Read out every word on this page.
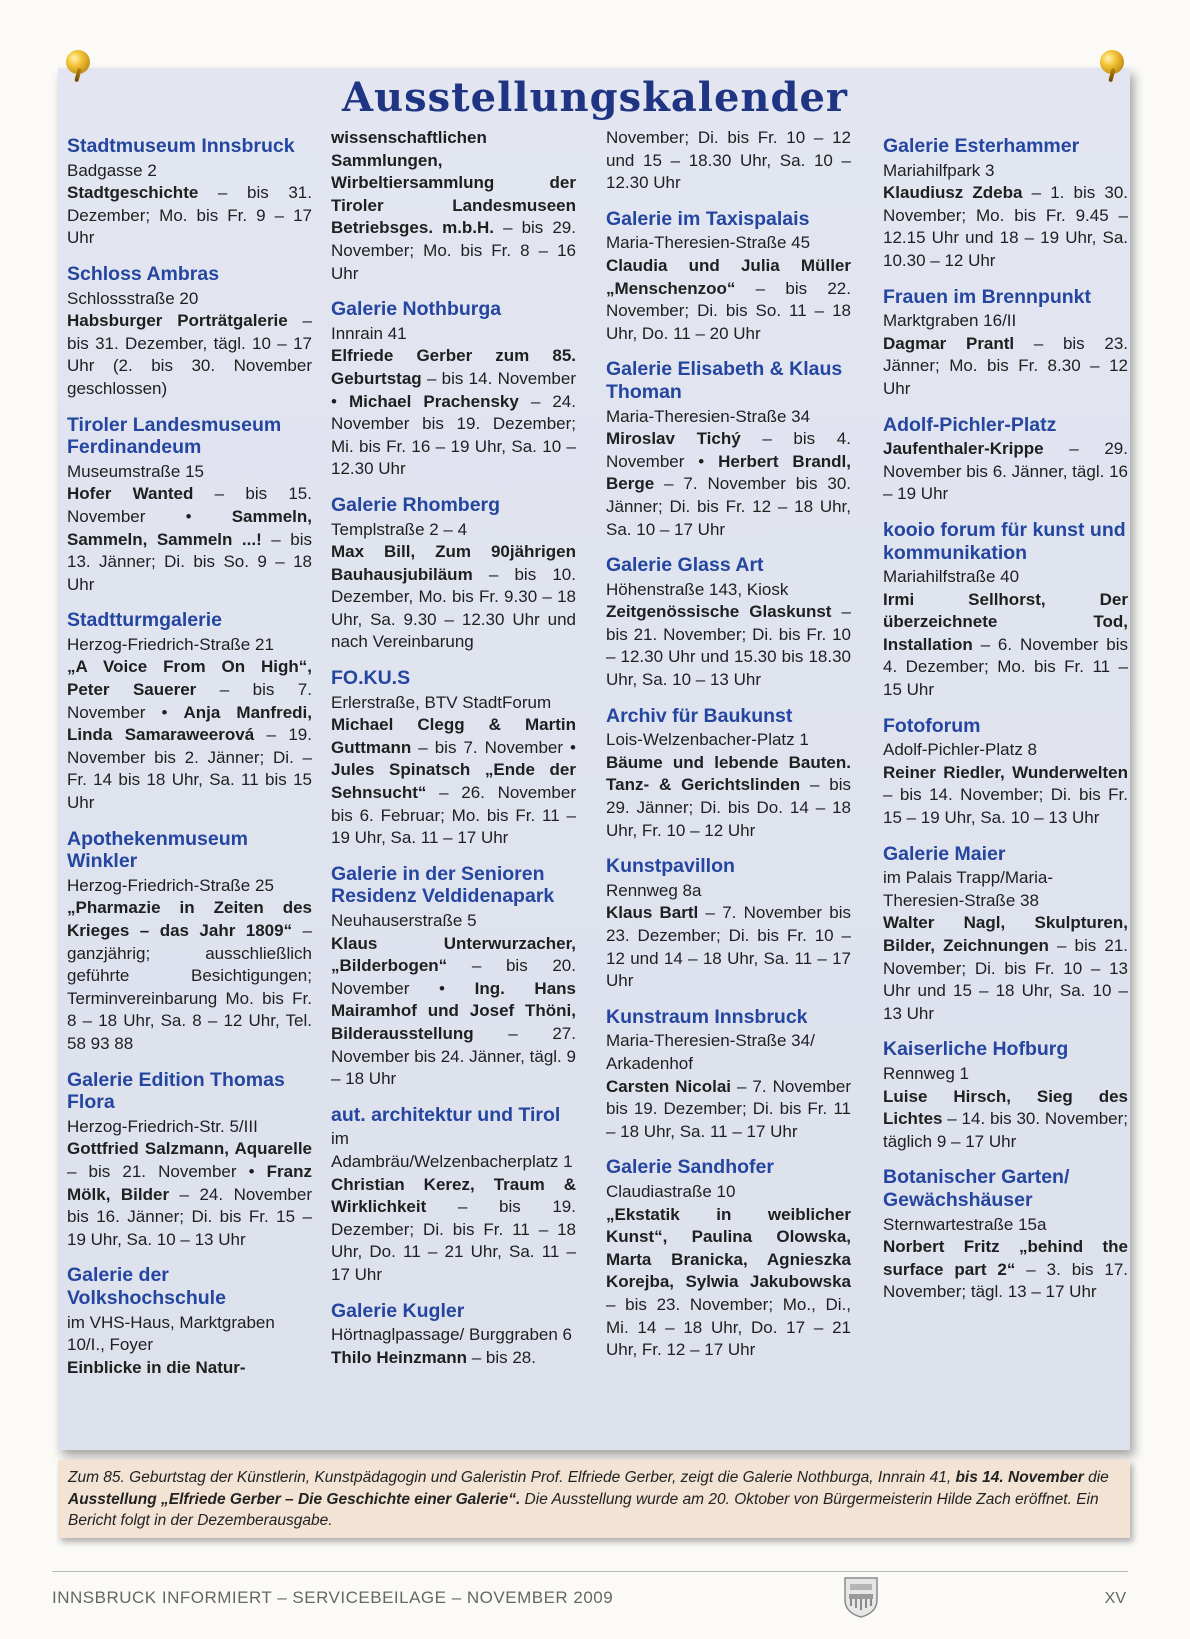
Ausstellungskalender
Stadtmuseum Innsbruck
Badgasse 2

Stadtgeschichte – bis 31. Dezember; Mo. bis Fr. 9 – 17 Uhr

Schloss Ambras
Schlossstraße 20

Habsburger Porträtgalerie – bis 31. Dezember, tägl. 10 – 17 Uhr (2. bis 30. November geschlossen)

Tiroler Landesmuseum Ferdinandeum
Museumstraße 15

Hofer Wanted – bis 15. November • Sammeln, Sammeln, Sammeln ...! – bis 13. Jänner; Di. bis So. 9 – 18 Uhr

Stadtturmgalerie
Herzog-Friedrich-Straße 21

„A Voice From On High“, Peter Sauerer – bis 7. November • Anja Manfredi, Linda Samaraweerová – 19. November bis 2. Jänner; Di. – Fr. 14 bis 18 Uhr, Sa. 11 bis 15 Uhr

Apothekenmuseum Winkler
Herzog-Friedrich-Straße 25

„Pharmazie in Zeiten des Krieges – das Jahr 1809“ – ganzjährig; ausschließlich geführte Besichtigungen; Terminvereinbarung Mo. bis Fr. 8 – 18 Uhr, Sa. 8 – 12 Uhr, Tel. 58 93 88

Galerie Edition Thomas Flora
Herzog-Friedrich-Str. 5/III

Gottfried Salzmann, Aquarelle – bis 21. November • Franz Mölk, Bilder – 24. November bis 16. Jänner; Di. bis Fr. 15 – 19 Uhr, Sa. 10 – 13 Uhr

Galerie der Volkshochschule
im VHS-Haus, Marktgraben 10/I., Foyer

Einblicke in die Natur-

wissenschaftlichen Sammlungen, Wirbeltiersammlung der Tiroler Landesmuseen Betriebsges. m.b.H. – bis 29. November; Mo. bis Fr. 8 – 16 Uhr

Galerie Nothburga
Innrain 41

Elfriede Gerber zum 85. Geburtstag – bis 14. November • Michael Prachensky – 24. November bis 19. Dezember; Mi. bis Fr. 16 – 19 Uhr, Sa. 10 – 12.30 Uhr

Galerie Rhomberg
Templstraße 2 – 4

Max Bill, Zum 90jährigen Bauhausjubiläum – bis 10. Dezember, Mo. bis Fr. 9.30 – 18 Uhr, Sa. 9.30 – 12.30 Uhr und nach Vereinbarung

FO.KU.S
Erlerstraße, BTV StadtForum

Michael Clegg & Martin Guttmann – bis 7. November • Jules Spinatsch „Ende der Sehnsucht“ – 26. November bis 6. Februar; Mo. bis Fr. 11 – 19 Uhr, Sa. 11 – 17 Uhr

Galerie in der Senioren Residenz Veldidenapark
Neuhauserstraße 5

Klaus Unterwurzacher, „Bilderbogen“ – bis 20. November • Ing. Hans Mairamhof und Josef Thöni, Bilderausstellung – 27. November bis 24. Jänner, tägl. 9 – 18 Uhr

aut. architektur und Tirol
im Adambräu/Welzenbacherplatz 1

Christian Kerez, Traum & Wirklichkeit – bis 19. Dezember; Di. bis Fr. 11 – 18 Uhr, Do. 11 – 21 Uhr, Sa. 11 – 17 Uhr

Galerie Kugler
Hörtnaglpassage/ Burggraben 6

Thilo Heinzmann – bis 28.

November; Di. bis Fr. 10 – 12 und 15 – 18.30 Uhr, Sa. 10 – 12.30 Uhr

Galerie im Taxispalais
Maria-Theresien-Straße 45

Claudia und Julia Müller „Menschenzoo“ – bis 22. November; Di. bis So. 11 – 18 Uhr, Do. 11 – 20 Uhr

Galerie Elisabeth & Klaus Thoman
Maria-Theresien-Straße 34

Miroslav Tichý – bis 4. November • Herbert Brandl, Berge – 7. November bis 30. Jänner; Di. bis Fr. 12 – 18 Uhr, Sa. 10 – 17 Uhr

Galerie Glass Art
Höhenstraße 143, Kiosk

Zeitgenössische Glaskunst – bis 21. November; Di. bis Fr. 10 – 12.30 Uhr und 15.30 bis 18.30 Uhr, Sa. 10 – 13 Uhr

Archiv für Baukunst
Lois-Welzenbacher-Platz 1

Bäume und lebende Bauten. Tanz- & Gerichtslinden – bis 29. Jänner; Di. bis Do. 14 – 18 Uhr, Fr. 10 – 12 Uhr

Kunstpavillon
Rennweg 8a

Klaus Bartl – 7. November bis 23. Dezember; Di. bis Fr. 10 – 12 und 14 – 18 Uhr, Sa. 11 – 17 Uhr

Kunstraum Innsbruck
Maria-Theresien-Straße 34/ Arkadenhof

Carsten Nicolai – 7. November bis 19. Dezember; Di. bis Fr. 11 – 18 Uhr, Sa. 11 – 17 Uhr

Galerie Sandhofer
Claudiastraße 10

„Ekstatik in weiblicher Kunst“, Paulina Olowska, Marta Branicka, Agnieszka Korejba, Sylwia Jakubowska – bis 23. November; Mo., Di., Mi. 14 – 18 Uhr, Do. 17 – 21 Uhr, Fr. 12 – 17 Uhr

Galerie Esterhammer
Mariahilfpark 3

Klaudiusz Zdeba – 1. bis 30. November; Mo. bis Fr. 9.45 – 12.15 Uhr und 18 – 19 Uhr, Sa. 10.30 – 12 Uhr

Frauen im Brennpunkt
Marktgraben 16/II

Dagmar Prantl – bis 23. Jänner; Mo. bis Fr. 8.30 – 12 Uhr

Adolf-Pichler-Platz

Jaufenthaler-Krippe – 29. November bis 6. Jänner, tägl. 16 – 19 Uhr

kooio forum für kunst und kommunikation
Mariahilfstraße 40

Irmi Sellhorst, Der überzeichnete Tod, Installation – 6. November bis 4. Dezember; Mo. bis Fr. 11 – 15 Uhr

Fotoforum
Adolf-Pichler-Platz 8

Reiner Riedler, Wunderwelten – bis 14. November; Di. bis Fr. 15 – 19 Uhr, Sa. 10 – 13 Uhr

Galerie Maier
im Palais Trapp/Maria-Theresien-Straße 38

Walter Nagl, Skulpturen, Bilder, Zeichnungen – bis 21. November; Di. bis Fr. 10 – 13 Uhr und 15 – 18 Uhr, Sa. 10 – 13 Uhr

Kaiserliche Hofburg
Rennweg 1

Luise Hirsch, Sieg des Lichtes – 14. bis 30. November; täglich 9 – 17 Uhr

Botanischer Garten/ Gewächshäuser
Sternwartestraße 15a

Norbert Fritz „behind the surface part 2“ – 3. bis 17. November; tägl. 13 – 17 Uhr

Zum 85. Geburtstag der Künstlerin, Kunstpädagogin und Galeristin Prof. Elfriede Gerber, zeigt die Galerie Nothburga, Innrain 41, bis 14. November die Ausstellung „Elfriede Gerber – Die Geschichte einer Galerie“. Die Ausstellung wurde am 20. Oktober von Bürgermeisterin Hilde Zach eröffnet. Ein Bericht folgt in der Dezemberausgabe.

INNSBRUCK INFORMIERT – SERVICEBEILAGE – NOVEMBER 2009	XV
